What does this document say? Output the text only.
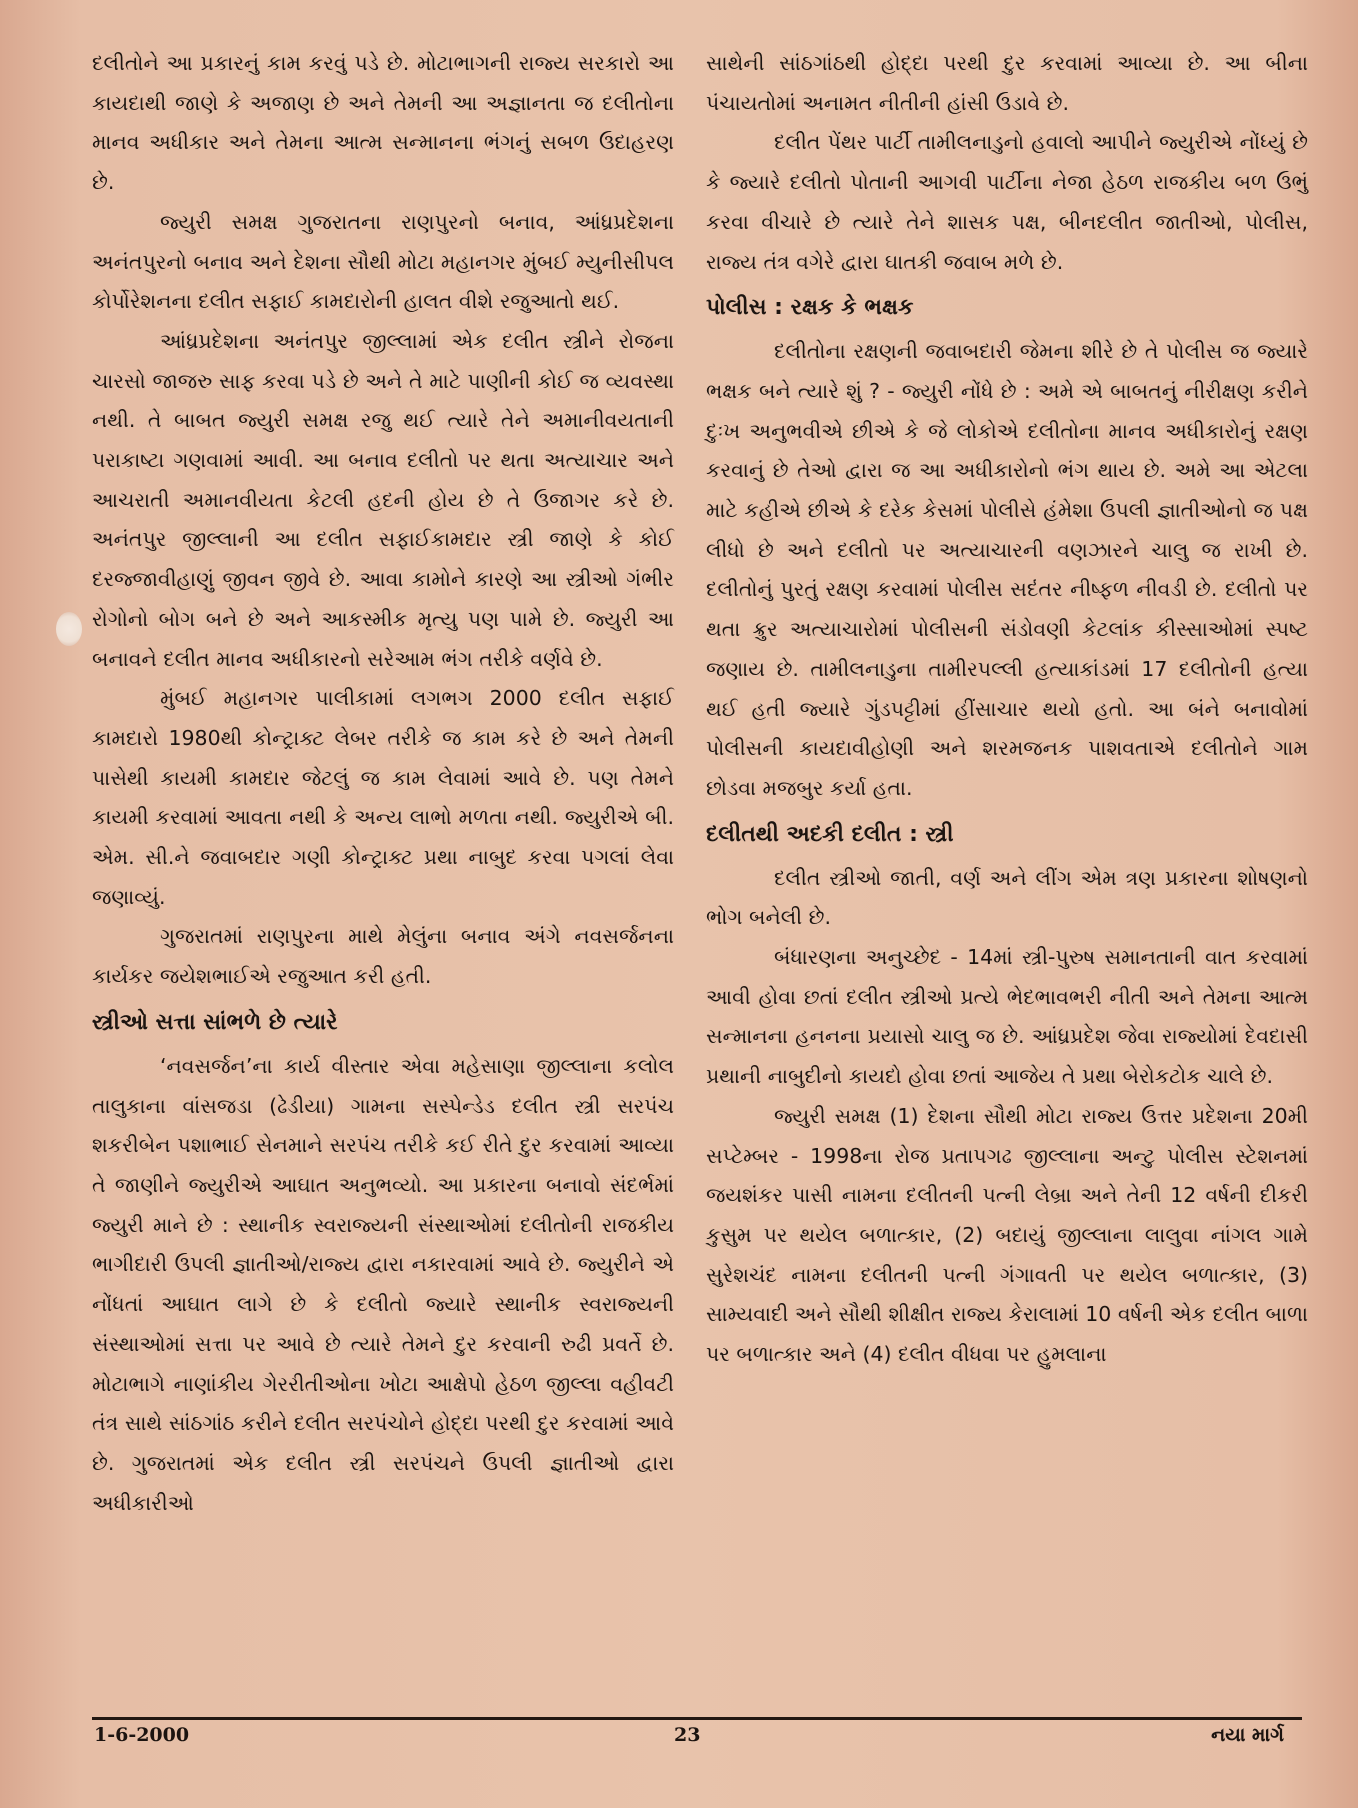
દલીતોને આ પ્રકારનું કામ કરવું પડે છે. મોટાભાગની રાજ્ય સરકારો આ કાયદાથી જાણે કે અજાણ છે અને તેમની આ અજ્ઞાનતા જ દલીતોના માનવ અધીકાર અને તેમના આત્મ સન્માનના ભંગનું સબળ ઉદાહરણ છે.

જ્યુરી સમક્ષ ગુજરાતના રાણપુરનો બનાવ, આંધ્રપ્રદેશના અનંતપુરનો બનાવ અને દેશના સૌથી મોટા મહાનગર મુંબઈ મ્યુનીસીપલ કોર્પોરેશનના દલીત સફાઈ કામદારોની હાલત વીશે રજુઆતો થઈ.

આંધ્રપ્રદેશના અનંતપુર જીલ્લામાં એક દલીત સ્ત્રીને રોજના ચારસો જાજરુ સાફ કરવા પડે છે અને તે માટે પાણીની કોઈ જ વ્યવસ્થા નથી. તે બાબત જ્યુરી સમક્ષ રજુ થઈ ત્યારે તેને અમાનીવયતાની પરાકાષ્ટા ગણવામાં આવી. આ બનાવ દલીતો પર થતા અત્યાચાર અને આચરાતી અમાનવીયતા કેટલી હદની હોય છે તે ઉજાગર કરે છે. અનંતપુર જીલ્લાની આ દલીત સફાઈકામદાર સ્ત્રી જાણે કે કોઈ દરજ્જાવીહાણું જીવન જીવે છે. આવા કામોને કારણે આ સ્ત્રીઓ ગંભીર રોગોનો બોગ બને છે અને આકસ્મીક મૃત્યુ પણ પામે છે. જ્યુરી આ બનાવને દલીત માનવ અધીકારનો સરેઆમ ભંગ તરીકે વર્ણવે છે.

મુંબઈ મહાનગર પાલીકામાં લગભગ 2000 દલીત સફાઈ કામદારો 1980થી કોન્ટ્રાક્ટ લેબર તરીકે જ કામ કરે છે અને તેમની પાસેથી કાયમી કામદાર જેટલું જ કામ લેવામાં આવે છે. પણ તેમને કાયમી કરવામાં આવતા નથી કે અન્ય લાભો મળતા નથી. જ્યુરીએ બી. એમ. સી.ને જવાબદાર ગણી કોન્ટ્રાક્ટ પ્રથા નાબુદ કરવા પગલાં લેવા જણાવ્યું.

ગુજરાતમાં રાણપુરના માથે મેલુંના બનાવ અંગે નવસર્જનના કાર્યકર જયેશભાઈએ રજુઆત કરી હતી.

સ્ત્રીઓ સત્તા સાંભળે છે ત્યારે

‘નવસર્જન’ના કાર્ય વીસ્તાર એવા મહેસાણા જીલ્લાના કલોલ તાલુકાના વાંસજડા (ઢેડીયા) ગામના સસ્પેન્ડેડ દલીત સ્ત્રી સરપંચ શકરીબેન પશાભાઈ સેનમાને સરપંચ તરીકે કઈ રીતે દુર કરવામાં આવ્યા તે જાણીને જ્યુરીએ આઘાત અનુભવ્યો. આ પ્રકારના બનાવો સંદર્ભમાં જ્યુરી માને છે : સ્થાનીક સ્વરાજ્યની સંસ્થાઓમાં દલીતોની રાજકીય ભાગીદારી ઉપલી જ્ઞાતીઓ/રાજ્ય દ્વારા નકારવામાં આવે છે. જ્યુરીને એ નોંધતાં આઘાત લાગે છે કે દલીતો જ્યારે સ્થાનીક સ્વરાજ્યની સંસ્થાઓમાં સત્તા પર આવે છે ત્યારે તેમને દુર કરવાની રુઢી પ્રવર્તે છે. મોટાભાગે નાણાંકીય ગેરરીતીઓના ખોટા આક્ષેપો હેઠળ જીલ્લા વહીવટી તંત્ર સાથે સાંઠગાંઠ કરીને દલીત સરપંચોને હોદ્દા પરથી દુર કરવામાં આવે છે. ગુજરાતમાં એક દલીત સ્ત્રી સરપંચને ઉપલી જ્ઞાતીઓ દ્વારા અધીકારીઓ

સાથેની સાંઠગાંઠથી હોદ્દા પરથી દુર કરવામાં આવ્યા છે. આ બીના પંચાયતોમાં અનામત નીતીની હાંસી ઉડાવે છે.

દલીત પેંથર પાર્ટી તામીલનાડુનો હવાલો આપીને જ્યુરીએ નોંધ્યું છે કે જ્યારે દલીતો પોતાની આગવી પાર્ટીના નેજા હેઠળ રાજકીય બળ ઉભું કરવા વીચારે છે ત્યારે તેને શાસક પક્ષ, બીનદલીત જાતીઓ, પોલીસ, રાજ્ય તંત્ર વગેરે દ્વારા ઘાતકી જવાબ મળે છે.

પોલીસ : રક્ષક કે ભક્ષક

દલીતોના રક્ષણની જવાબદારી જેમના શીરે છે તે પોલીસ જ જ્યારે ભક્ષક બને ત્યારે શું ? - જ્યુરી નોંધે છે : અમે એ બાબતનું નીરીક્ષણ કરીને દુઃખ અનુભવીએ છીએ કે જે લોકોએ દલીતોના માનવ અધીકારોનું રક્ષણ કરવાનું છે તેઓ દ્વારા જ આ અધીકારોનો ભંગ થાય છે. અમે આ એટલા માટે કહીએ છીએ કે દરેક કેસમાં પોલીસે હંમેશા ઉપલી જ્ઞાતીઓનો જ પક્ષ લીધો છે અને દલીતો પર અત્યાચારની વણઝારને ચાલુ જ રાખી છે. દલીતોનું પુરતું રક્ષણ કરવામાં પોલીસ સદંતર નીષ્ફળ નીવડી છે. દલીતો પર થતા ક્રુર અત્યાચારોમાં પોલીસની સંડોવણી કેટલાંક કીસ્સાઓમાં સ્પષ્ટ જણાય છે. તામીલનાડુના તામીરપલ્લી હત્યાકાંડમાં 17 દલીતોની હત્યા થઈ હતી જ્યારે ગુંડપટ્ટીમાં હીંસાચાર થયો હતો. આ બંને બનાવોમાં પોલીસની કાયદાવીહોણી અને શરમજનક પાશવતાએ દલીતોને ગામ છોડવા મજબુર કર્યા હતા.

દલીતથી અદકી દલીત : સ્ત્રી

દલીત સ્ત્રીઓ જાતી, વર્ણ અને લીંગ એમ ત્રણ પ્રકારના શોષણનો ભોગ બનેલી છે.

બંધારણના અનુચ્છેદ - 14માં સ્ત્રી-પુરુષ સમાનતાની વાત કરવામાં આવી હોવા છતાં દલીત સ્ત્રીઓ પ્રત્યે ભેદભાવભરી નીતી અને તેમના આત્મ સન્માનના હનનના પ્રયાસો ચાલુ જ છે. આંધ્રપ્રદેશ જેવા રાજ્યોમાં દેવદાસી પ્રથાની નાબુદીનો કાયદો હોવા છતાં આજેય તે પ્રથા બેરોકટોક ચાલે છે.

જ્યુરી સમક્ષ (1) દેશના સૌથી મોટા રાજ્ય ઉત્તર પ્રદેશના 20મી સપ્ટેમ્બર - 1998ના રોજ પ્રતાપગઢ જીલ્લાના અન્ટુ પોલીસ સ્ટેશનમાં જયશંકર પાસી નામના દલીતની પત્ની લેબ્રા અને તેની 12 વર્ષની દીકરી કુસુમ પર થયેલ બળાત્કાર, (2) બદાયું જીલ્લાના લાલુવા નાંગલ ગામે સુરેશચંદ નામના દલીતની પત્ની ગંગાવતી પર થયેલ બળાત્કાર, (3) સામ્યવાદી અને સૌથી શીક્ષીત રાજ્ય કેરાલામાં 10 વર્ષની એક દલીત બાળા પર બળાત્કાર અને (4) દલીત વીધવા પર હુમલાના

1-6-2000	23	નયા માર્ગ
